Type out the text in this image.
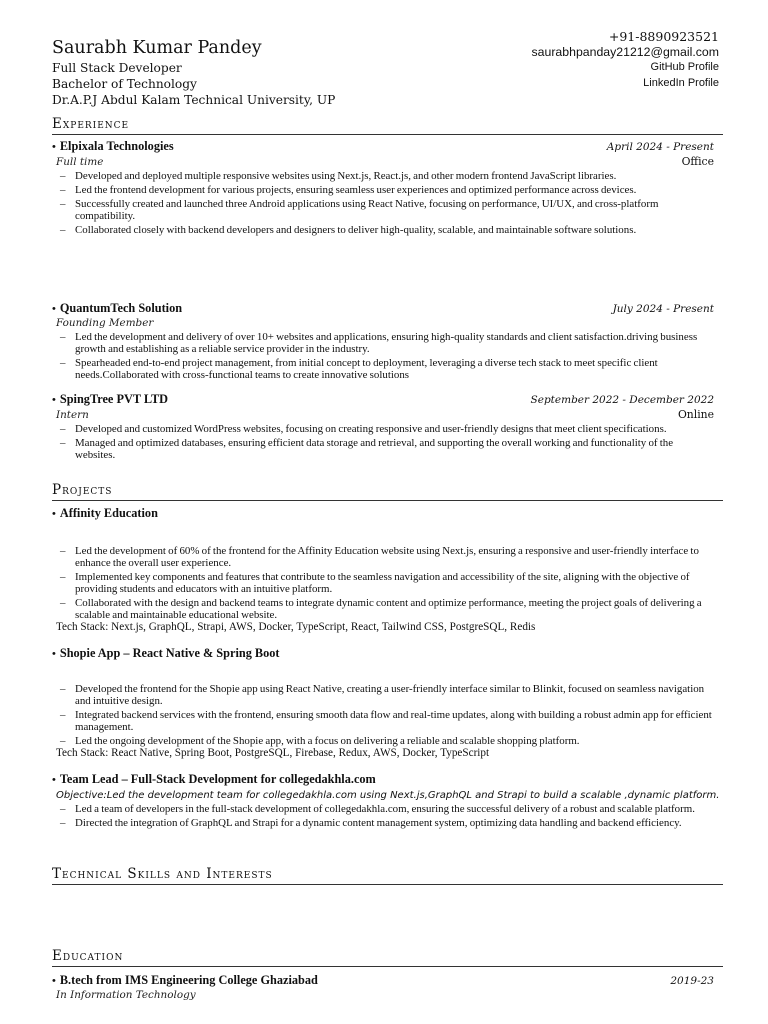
Saurabh Kumar Pandey
Full Stack Developer
Bachelor of Technology
Dr.A.P.J Abdul Kalam Technical University, UP
+91-8890923521
saurabhpanday21212@gmail.com
GitHub Profile
LinkedIn Profile
Experience
• Elpixala Technologies	April 2024 - Present
Full time	Office
– Developed and deployed multiple responsive websites using Next.js, React.js, and other modern frontend JavaScript libraries.
– Led the frontend development for various projects, ensuring seamless user experiences and optimized performance across devices.
– Successfully created and launched three Android applications using React Native, focusing on performance, UI/UX, and cross-platform compatibility.
– Collaborated closely with backend developers and designers to deliver high-quality, scalable, and maintainable software solutions.
• QuantumTech Solution	July 2024 - Present
Founding Member
– Led the development and delivery of over 10+ websites and applications, ensuring high-quality standards and client satisfaction.driving business growth and establishing as a reliable service provider in the industry.
– Spearheaded end-to-end project management, from initial concept to deployment, leveraging a diverse tech stack to meet specific client needs.Collaborated with cross-functional teams to create innovative solutions
• SpingTree PVT LTD	September 2022 - December 2022
Intern	Online
– Developed and customized WordPress websites, focusing on creating responsive and user-friendly designs that meet client specifications.
– Managed and optimized databases, ensuring efficient data storage and retrieval, and supporting the overall working and functionality of the websites.
Projects
• Affinity Education
– Led the development of 60% of the frontend for the Affinity Education website using Next.js, ensuring a responsive and user-friendly interface to enhance the overall user experience.
– Implemented key components and features that contribute to the seamless navigation and accessibility of the site, aligning with the objective of providing students and educators with an intuitive platform.
– Collaborated with the design and backend teams to integrate dynamic content and optimize performance, meeting the project goals of delivering a scalable and maintainable educational website.
Tech Stack: Next.js, GraphQL, Strapi, AWS, Docker, TypeScript, React, Tailwind CSS, PostgreSQL, Redis
• Shopie App – React Native & Spring Boot
– Developed the frontend for the Shopie app using React Native, creating a user-friendly interface similar to Blinkit, focused on seamless navigation and intuitive design.
– Integrated backend services with the frontend, ensuring smooth data flow and real-time updates, along with building a robust admin app for efficient management.
– Led the ongoing development of the Shopie app, with a focus on delivering a reliable and scalable shopping platform.
Tech Stack: React Native, Spring Boot, PostgreSQL, Firebase, Redux, AWS, Docker, TypeScript
• Team Lead – Full-Stack Development for collegedakhla.com
Objective:Led the development team for collegedakhla.com using Next.js,GraphQL and Strapi to build a scalable ,dynamic platform.
– Led a team of developers in the full-stack development of collegedakhla.com, ensuring the successful delivery of a robust and scalable platform.
– Directed the integration of GraphQL and Strapi for a dynamic content management system, optimizing data handling and backend efficiency.
Technical Skills and Interests
Education
• B.tech from IMS Engineering College Ghaziabad	2019-23
In Information Technology
